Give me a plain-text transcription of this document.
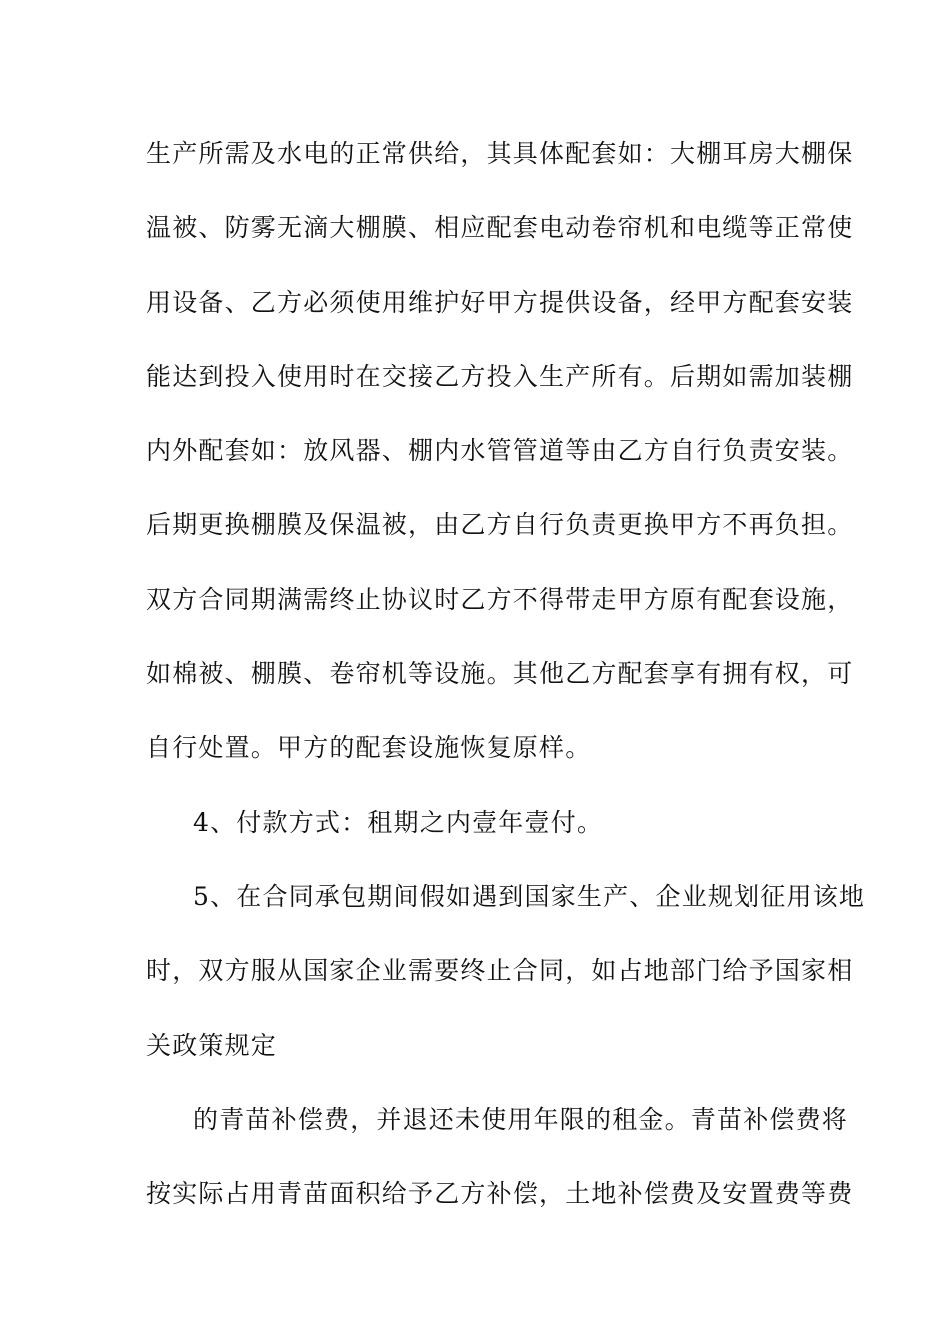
生产所需及水电的正常供给，其具体配套如：大棚耳房大棚保
温被、防雾无滴大棚膜、相应配套电动卷帘机和电缆等正常使
用设备、乙方必须使用维护好甲方提供设备，经甲方配套安装
能达到投入使用时在交接乙方投入生产所有。后期如需加装棚
内外配套如：放风器、棚内水管管道等由乙方自行负责安装。
后期更换棚膜及保温被，由乙方自行负责更换甲方不再负担。
双方合同期满需终止协议时乙方不得带走甲方原有配套设施，
如棉被、棚膜、卷帘机等设施。其他乙方配套享有拥有权，可
自行处置。甲方的配套设施恢复原样。
4、付款方式：租期之内壹年壹付。
5、在合同承包期间假如遇到国家生产、企业规划征用该地
时，双方服从国家企业需要终止合同，如占地部门给予国家相
关政策规定
的青苗补偿费，并退还未使用年限的租金。青苗补偿费将
按实际占用青苗面积给予乙方补偿，土地补偿费及安置费等费
